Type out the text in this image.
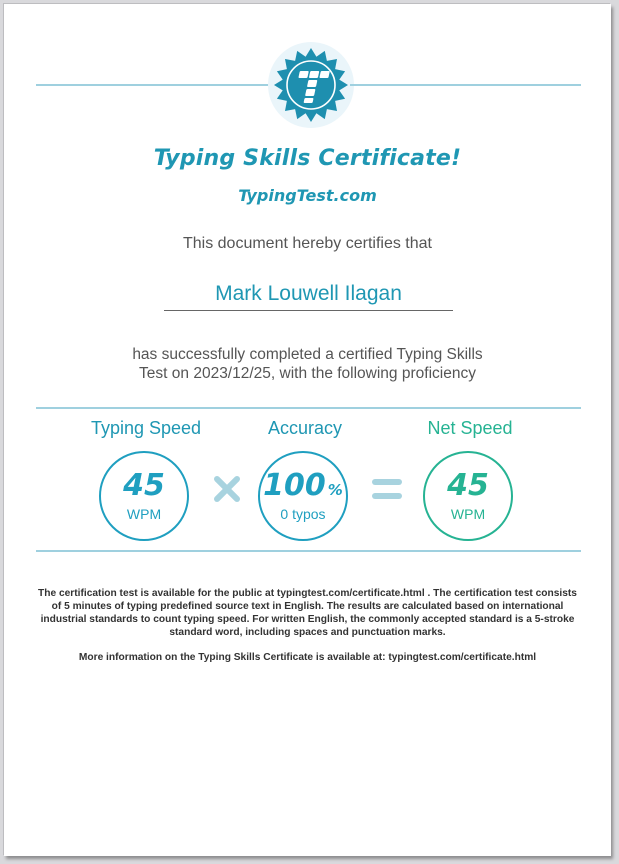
Typing Skills Certificate!
TypingTest.com
This document hereby certifies that
Mark Louwell Ilagan
has successfully completed a certified Typing Skills
Test on 2023/12/25, with the following proficiency
Typing Speed
45
WPM
Accuracy
100 %
0 typos
Net Speed
45
WPM
The certification test is available for the public at typingtest.com/certificate.html . The certification test consists of 5 minutes of typing predefined source text in English. The results are calculated based on international industrial standards to count typing speed. For written English, the commonly accepted standard is a 5-stroke standard word, including spaces and punctuation marks.
More information on the Typing Skills Certificate is available at: typingtest.com/certificate.html
